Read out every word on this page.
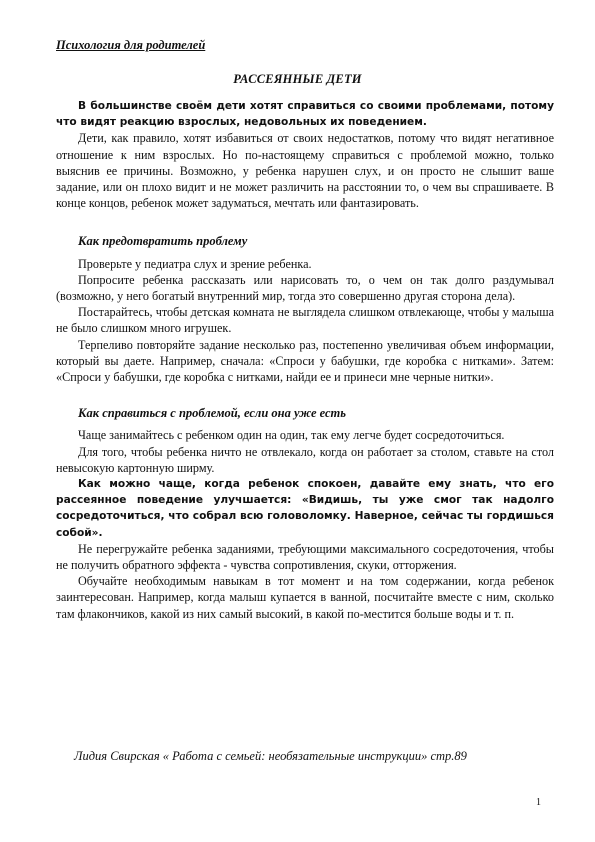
Психология для родителей
РАССЕЯННЫЕ ДЕТИ

В большинстве своём дети хотят справиться со своими проблемами, потому что видят реакцию взрослых, недовольных их поведением.

Дети, как правило, хотят избавиться от своих недостатков, потому что видят негативное отношение к ним взрослых. Но по-настоящему справиться с проблемой можно, только выяснив ее причины. Возможно, у ребенка нарушен слух, и он просто не слышит ваше задание, или он плохо видит и не может различить на расстоянии то, о чем вы спрашиваете. В конце концов, ребенок может задуматься, мечтать или фантазировать.

Как предотвратить проблему

Проверьте у педиатра слух и зрение ребенка.

Попросите ребенка рассказать или нарисовать то, о чем он так долго раздумывал (возможно, у него богатый внутренний мир, тогда это совершенно другая сторона дела).

Постарайтесь, чтобы детская комната не выглядела слишком отвлекающе, чтобы у малыша не было слишком много игрушек.

Терпеливо повторяйте задание несколько раз, постепенно увеличивая объем информации, который вы даете. Например, сначала: «Спроси у бабушки, где коробка с нитками». Затем: «Спроси у бабушки, где коробка с нитками, найди ее и принеси мне черные нитки».

Как справиться с проблемой, если она уже есть

Чаще занимайтесь с ребенком один на один, так ему легче будет сосредоточиться.

Для того, чтобы ребенка ничто не отвлекало, когда он работает за столом, ставьте на стол невысокую картонную ширму.

Как можно чаще, когда ребенок спокоен, давайте ему знать, что его рассеянное поведение улучшается: «Видишь, ты уже смог так надолго сосредоточиться, что собрал всю головоломку. Наверное, сейчас ты гордишься собой».

Не перегружайте ребенка заданиями, требующими максимального сосредоточения, чтобы не получить обратного эффекта - чувства сопротивления, скуки, отторжения.

Обучайте необходимым навыкам в тот момент и на том содержании, когда ребенок заинтересован. Например, когда малыш купается в ванной, посчитайте вместе с ним, сколько там флакончиков, какой из них самый высокий, в какой по-местится больше воды и т. п.

Лидия Свирская « Работа с семьей: необязательные инструкции» стр.89
1
